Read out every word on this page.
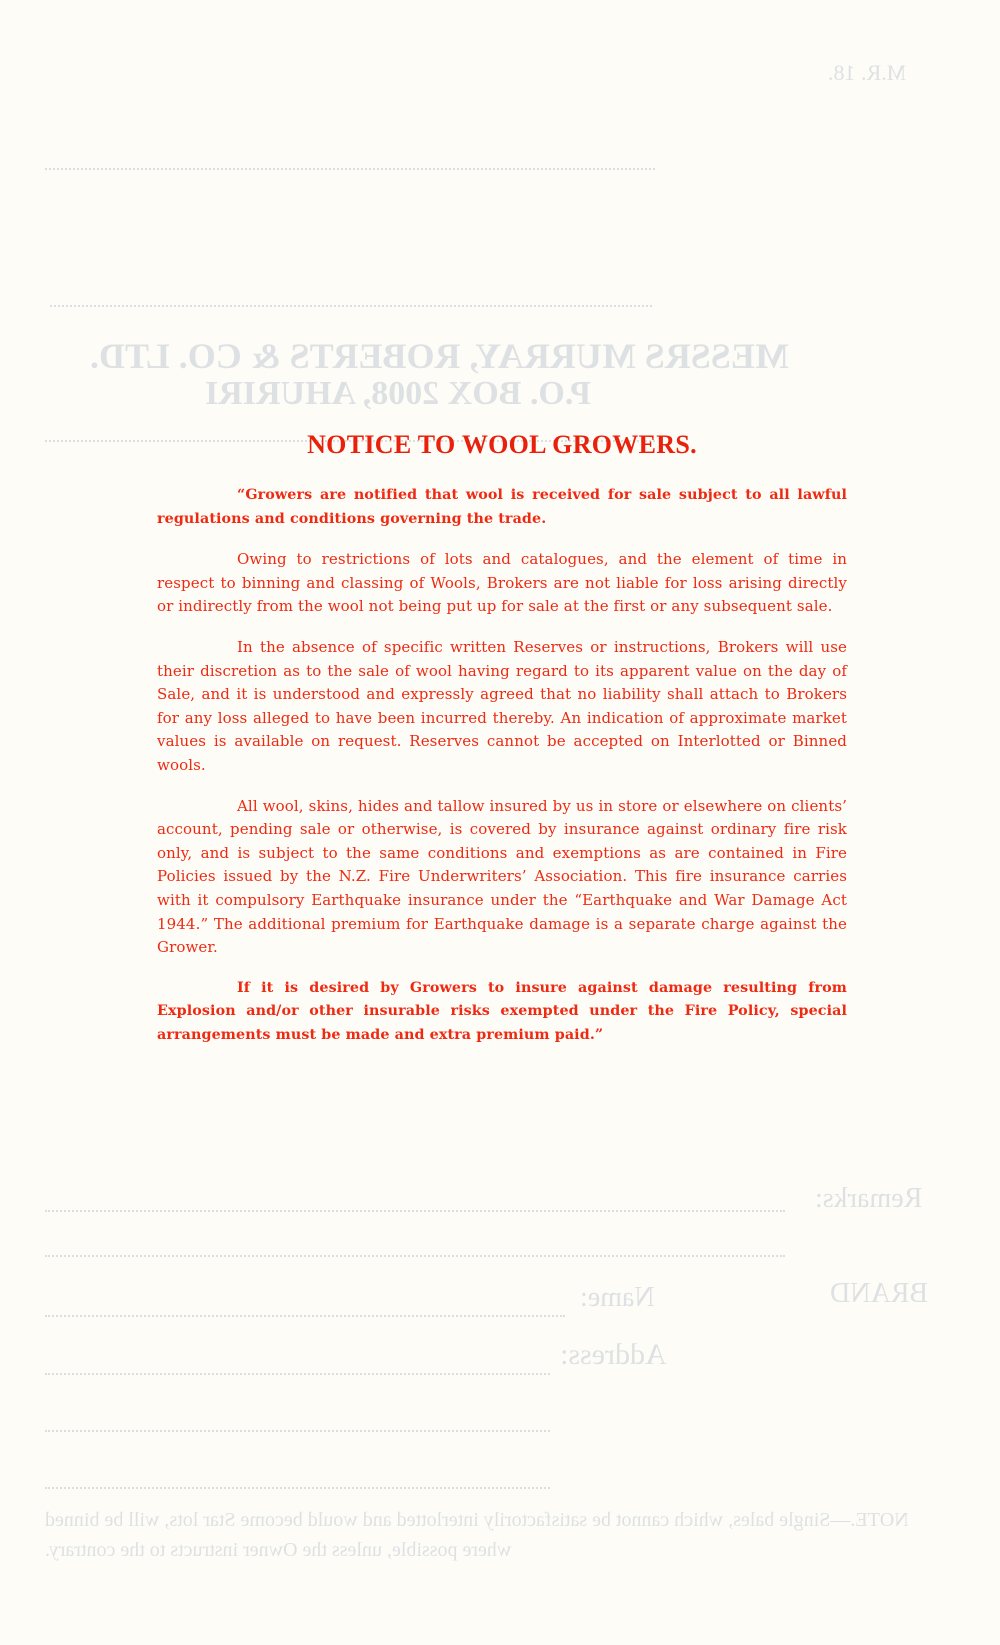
M.R. 18.
MESSRS MURRAY, ROBERTS & CO. LTD.
P.O. BOX 2008, AHURIRI
Remarks:
BRAND
Name:
Address:
NOTE.—Single bales, which cannot be satisfactorily interlotted and would become Star lots, will be binned where possible, unless the Owner instructs to the contrary.
NOTICE TO WOOL GROWERS.

“Growers are notified that wool is received for sale subject to all lawful regulations and conditions governing the trade.

Owing to restrictions of lots and catalogues, and the element of time in respect to binning and classing of Wools, Brokers are not liable for loss arising directly or indirectly from the wool not being put up for sale at the first or any subsequent sale.

In the absence of specific written Reserves or instructions, Brokers will use their discretion as to the sale of wool having regard to its apparent value on the day of Sale, and it is understood and expressly agreed that no liability shall attach to Brokers for any loss alleged to have been incurred thereby. An indication of approximate market values is available on request. Reserves cannot be accepted on Interlotted or Binned wools.

All wool, skins, hides and tallow insured by us in store or elsewhere on clients’ account, pending sale or otherwise, is covered by insurance against ordinary fire risk only, and is subject to the same conditions and exemptions as are contained in Fire Policies issued by the N.Z. Fire Underwriters’ Association. This fire insurance carries with it compulsory Earthquake insurance under the “Earthquake and War Damage Act 1944.” The additional premium for Earthquake damage is a separate charge against the Grower.

If it is desired by Growers to insure against damage resulting from Explosion and/or other insurable risks exempted under the Fire Policy, special arrangements must be made and extra premium paid.”
